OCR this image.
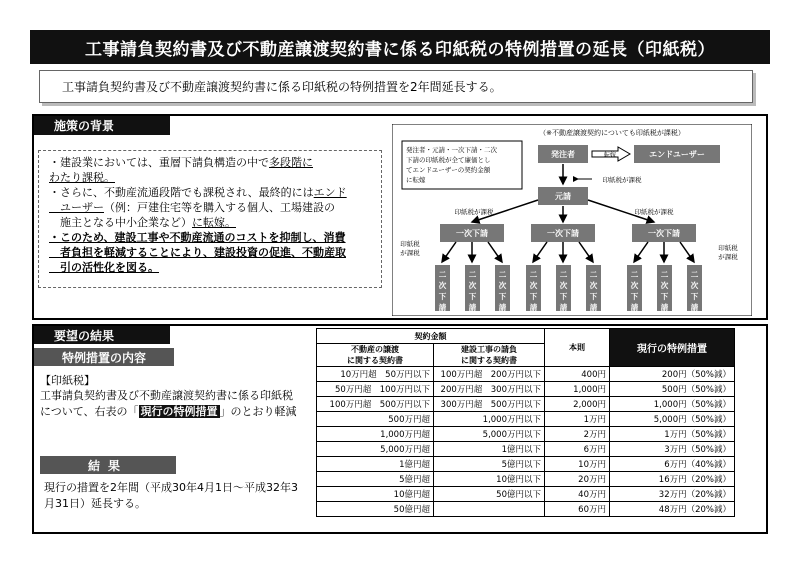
工事請負契約書及び不動産譲渡契約書に係る印紙税の特例措置の延長（印紙税）
工事請負契約書及び不動産譲渡契約書に係る印紙税の特例措置を2年間延長する。
施策の背景

・建設業においては、重層下請負構造の中で多段階に
わたり課税。

・さらに、不動産流通段階でも課税され、最終的にはエンド
　ユーザー（例：戸建住宅等を購入する個人、工場建設の
　施主となる中小企業など）に転嫁。

・このため、建設工事や不動産流通のコストを抑制し、消費
　者負担を軽減することにより、建設投資の促進、不動産取
　引の活性化を図る。

（※不動産譲渡契約についても印紙税が課税）
発注者・元請・一次下請・二次
下請の印紙税が全て廉価とし
てエンドユーザーの契約金額
に転嫁
発注者	転嫁	エンドユーザー
印紙税が課税
元請
印紙税が課税	印紙税が課税
一次下請	一次下請	一次下請
印紙税
が課税
印紙税
が課税
二
次
下
請
二
次
下
請
二
次
下
請
二
次
下
請
二
次
下
請
二
次
下
請
二
次
下
請
二
次
下
請
二
次
下
請
要望の結果
特例措置の内容
【印紙税】
工事請負契約書及び不動産譲渡契約書に係る印紙税について、右表の「 現行の特例措置 」のとおり軽減
結果
現行の措置を2年間（平成30年4月1日～平成32年3月31日）延長する。
契約金額		本則	現行の特例措置
不動産の譲渡
に関する契約書	建設工事の請負
に関する契約書		
10万円超　50万円以下	100万円超　200万円以下	400円	200円（50%減）
50万円超　100万円以下	200万円超　300万円以下	1,000円	500円（50%減）
100万円超　500万円以下	300万円超　500万円以下	2,000円	1,000円（50%減）
500万円超	1,000万円以下	1万円	5,000円（50%減）
1,000万円超	5,000万円以下	2万円	1万円（50%減）
5,000万円超	1億円以下	6万円	3万円（50%減）
1億円超	5億円以下	10万円	6万円（40%減）
5億円超	10億円以下	20万円	16万円（20%減）
10億円超	50億円以下	40万円	32万円（20%減）
50億円超		60万円	48万円（20%減）
